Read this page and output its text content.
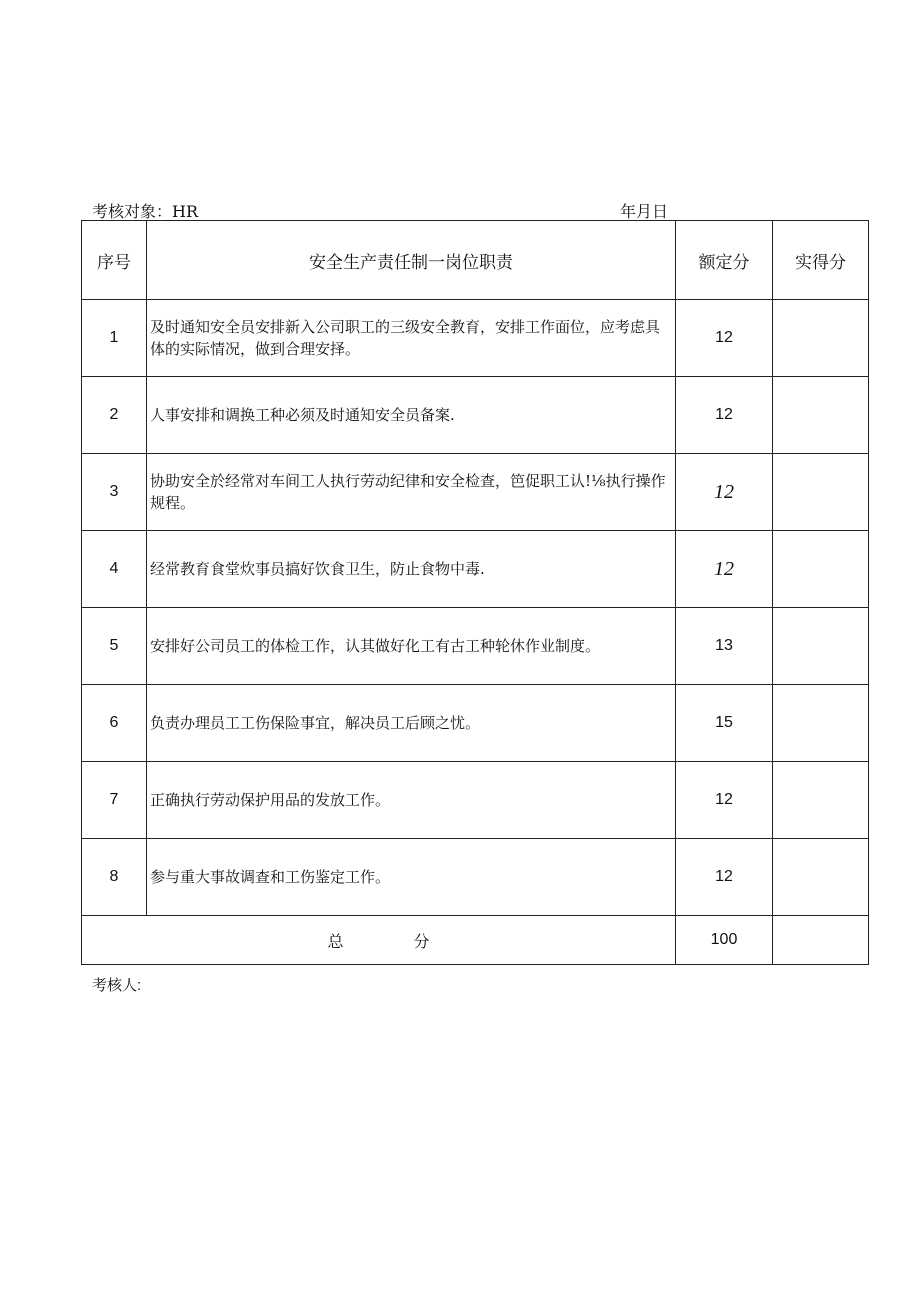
考核对象：HR	年月日
序号	安全生产责任制一岗位职责	额定分	实得分
1	及时通知安全员安排新入公司职工的三级安全教育，安排工作面位，应考虑具体的实际情况，做到合理安择。	12	
2	人事安排和调换工种必须及时通知安全员备案.	12	
3	协助安全於经常对车间工人执行劳动纪律和安全检查，笆促职工认!⅛执行操作规程。	12	
4	经常教育食堂炊事员搞好饮食卫生，防止食物中毒.	12	
5	安排好公司员工的体检工作，认其做好化工有古工种轮休作业制度。	13	
6	负责办理员工工伤保险事宜，解决员工后顾之忧。	15	
7	正确执行劳动保护用品的发放工作。	12	
8	参与重大事故调查和工伤鉴定工作。	12	
总 分		100	
考核人:
